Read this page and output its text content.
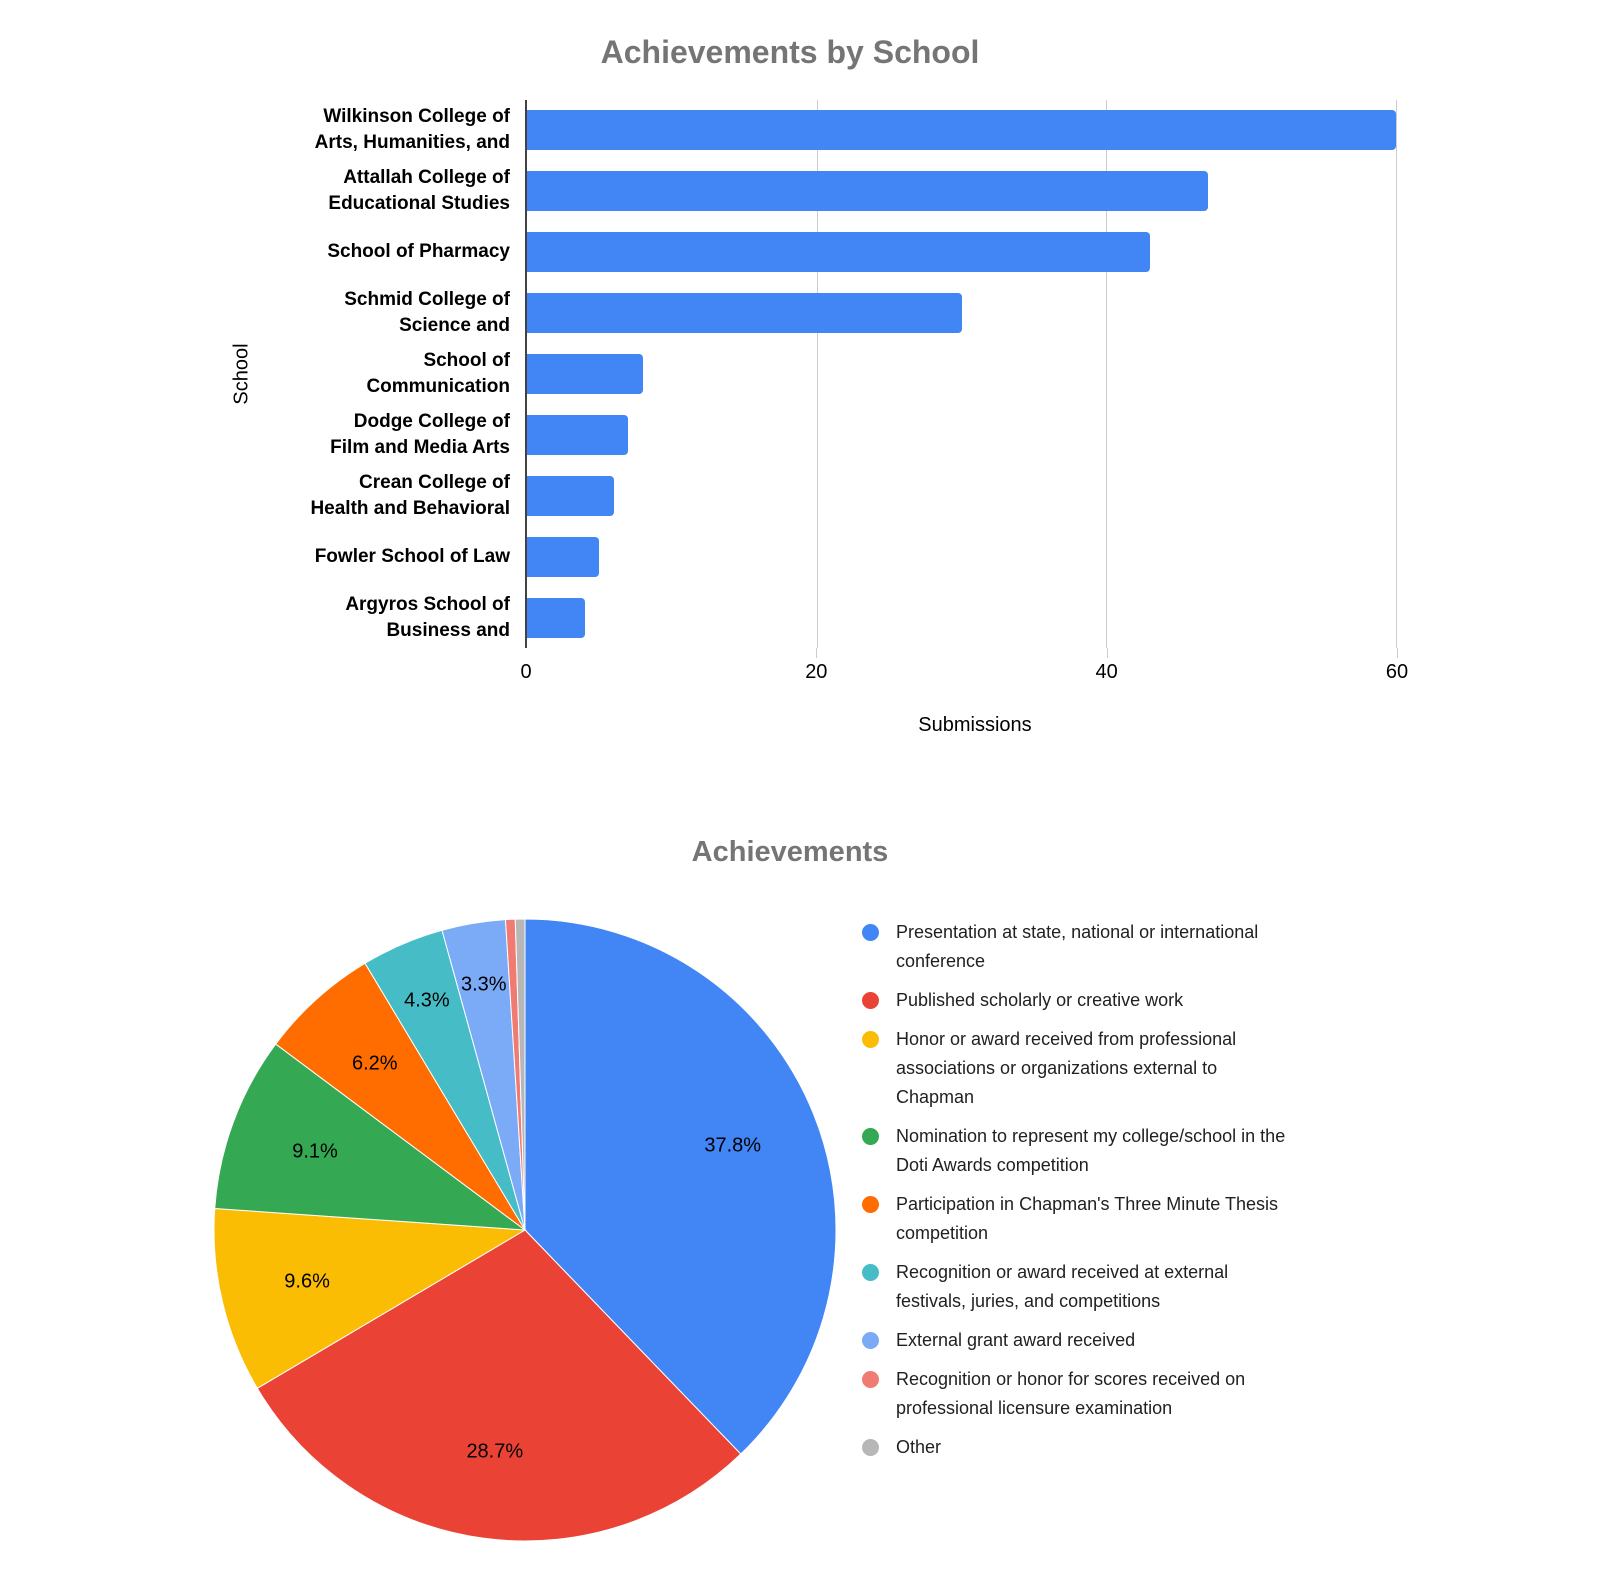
Achievements by School
School
Wilkinson College of
Arts, Humanities, and
Attallah College of
Educational Studies
School of Pharmacy
Schmid College of
Science and
School of
Communication
Dodge College of
Film and Media Arts
Crean College of
Health and Behavioral
Fowler School of Law
Argyros School of
Business and
0	20	40	60
Submissions
Achievements
37.8%
28.7%
9.6%
9.1%
6.2%
4.3%
3.3%
Presentation at state, national or international
conference
Published scholarly or creative work
Honor or award received from professional
associations or organizations external to
Chapman
Nomination to represent my college/school in the
Doti Awards competition
Participation in Chapman's Three Minute Thesis
competition
Recognition or award received at external
festivals, juries, and competitions
External grant award received
Recognition or honor for scores received on
professional licensure examination
Other
